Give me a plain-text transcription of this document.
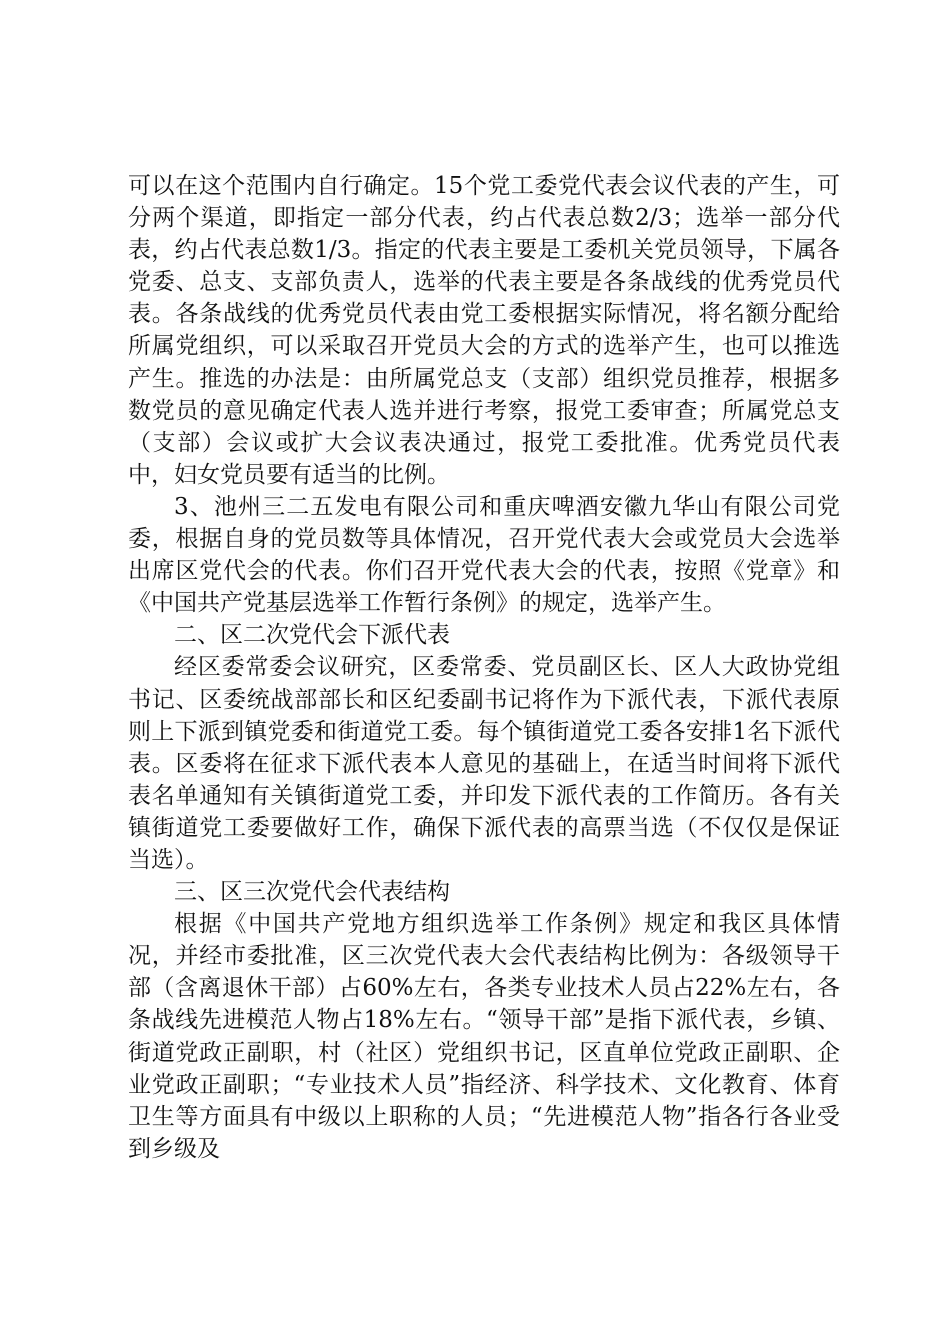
可以在这个范围内自行确定。15个党工委党代表会议代表的产生，可分两个渠道，即指定一部分代表，约占代表总数2/3；选举一部分代表，约占代表总数1/3。指定的代表主要是工委机关党员领导，下属各党委、总支、支部负责人，选举的代表主要是各条战线的优秀党员代表。各条战线的优秀党员代表由党工委根据实际情况，将名额分配给所属党组织，可以采取召开党员大会的方式的选举产生，也可以推选产生。推选的办法是：由所属党总支（支部）组织党员推荐，根据多数党员的意见确定代表人选并进行考察，报党工委审查；所属党总支（支部）会议或扩大会议表决通过，报党工委批准。优秀党员代表中，妇女党员要有适当的比例。

3、池州三二五发电有限公司和重庆啤酒安徽九华山有限公司党委，根据自身的党员数等具体情况，召开党代表大会或党员大会选举出席区党代会的代表。你们召开党代表大会的代表，按照《党章》和《中国共产党基层选举工作暂行条例》的规定，选举产生。

二、区二次党代会下派代表

经区委常委会议研究，区委常委、党员副区长、区人大政协党组书记、区委统战部部长和区纪委副书记将作为下派代表，下派代表原则上下派到镇党委和街道党工委。每个镇街道党工委各安排1名下派代表。区委将在征求下派代表本人意见的基础上，在适当时间将下派代表名单通知有关镇街道党工委，并印发下派代表的工作简历。各有关镇街道党工委要做好工作，确保下派代表的高票当选（不仅仅是保证当选）。

三、区三次党代会代表结构

根据《中国共产党地方组织选举工作条例》规定和我区具体情况，并经市委批准，区三次党代表大会代表结构比例为：各级领导干部（含离退休干部）占60%左右，各类专业技术人员占22%左右，各条战线先进模范人物占18%左右。“领导干部”是指下派代表，乡镇、街道党政正副职，村（社区）党组织书记，区直单位党政正副职、企业党政正副职；“专业技术人员”指经济、科学技术、文化教育、体育卫生等方面具有中级以上职称的人员；“先进模范人物”指各行各业受到乡级及
